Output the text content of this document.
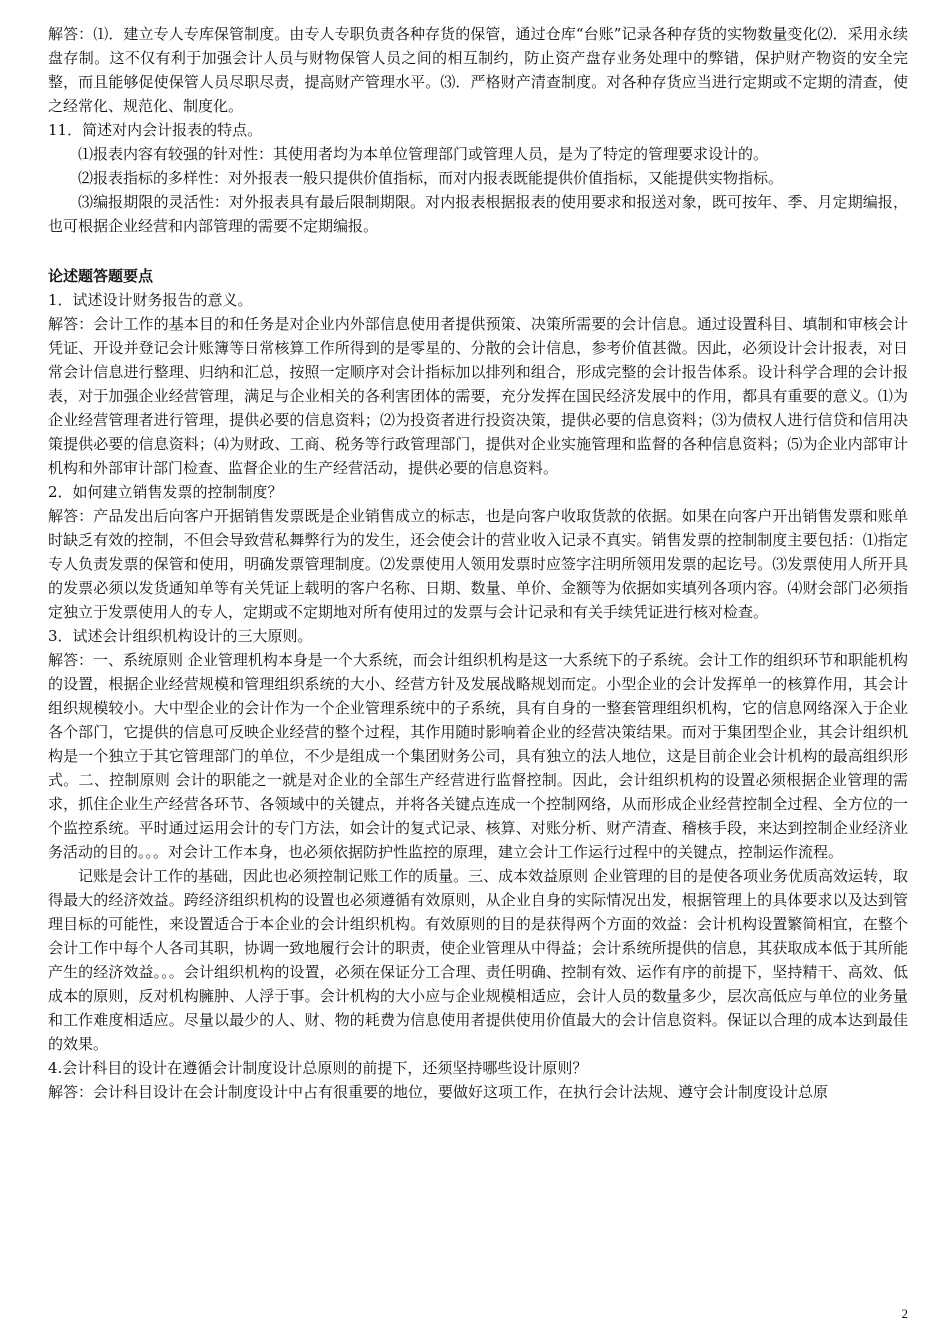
解答：⑴．建立专人专库保管制度。由专人专职负责各种存货的保管，通过仓库“台账”记录各种存货的实物数量变化⑵．采用永续盘存制。这不仅有利于加强会计人员与财物保管人员之间的相互制约，防止资产盘存业务处理中的弊错，保护财产物资的安全完整，而且能够促使保管人员尽职尽责，提高财产管理水平。⑶．严格财产清查制度。对各种存货应当进行定期或不定期的清查，使之经常化、规范化、制度化。

11．简述对内会计报表的特点。

⑴报表内容有较强的针对性：其使用者均为本单位管理部门或管理人员，是为了特定的管理要求设计的。

⑵报表指标的多样性：对外报表一般只提供价值指标，而对内报表既能提供价值指标，又能提供实物指标。

⑶编报期限的灵活性：对外报表具有最后限制期限。对内报表根据报表的使用要求和报送对象，既可按年、季、月定期编报，也可根据企业经营和内部管理的需要不定期编报。

论述题答题要点

1．试述设计财务报告的意义。

解答：会计工作的基本目的和任务是对企业内外部信息使用者提供预策、决策所需要的会计信息。通过设置科目、填制和审核会计凭证、开设并登记会计账簿等日常核算工作所得到的是零星的、分散的会计信息，参考价值甚微。因此，必须设计会计报表，对日常会计信息进行整理、归纳和汇总，按照一定顺序对会计指标加以排列和组合，形成完整的会计报告体系。设计科学合理的会计报表，对于加强企业经营管理，满足与企业相关的各利害团体的需要，充分发挥在国民经济发展中的作用，都具有重要的意义。⑴为企业经营管理者进行管理，提供必要的信息资料；⑵为投资者进行投资决策，提供必要的信息资料；⑶为债权人进行信贷和信用决策提供必要的信息资料；⑷为财政、工商、税务等行政管理部门，提供对企业实施管理和监督的各种信息资料；⑸为企业内部审计机构和外部审计部门检查、监督企业的生产经营活动，提供必要的信息资料。

2．如何建立销售发票的控制制度？

解答：产品发出后向客户开据销售发票既是企业销售成立的标志，也是向客户收取货款的依据。如果在向客户开出销售发票和账单时缺乏有效的控制，不但会导致营私舞弊行为的发生，还会使会计的营业收入记录不真实。销售发票的控制制度主要包括：⑴指定专人负责发票的保管和使用，明确发票管理制度。⑵发票使用人领用发票时应签字注明所领用发票的起讫号。⑶发票使用人所开具的发票必须以发货通知单等有关凭证上载明的客户名称、日期、数量、单价、金额等为依据如实填列各项内容。⑷财会部门必须指定独立于发票使用人的专人，定期或不定期地对所有使用过的发票与会计记录和有关手续凭证进行核对检查。

3．试述会计组织机构设计的三大原则。

解答：一、系统原则 企业管理机构本身是一个大系统，而会计组织机构是这一大系统下的子系统。会计工作的组织环节和职能机构的设置，根据企业经营规模和管理组织系统的大小、经营方针及发展战略规划而定。小型企业的会计发挥单一的核算作用，其会计组织规模较小。大中型企业的会计作为一个企业管理系统中的子系统，具有自身的一整套管理组织机构，它的信息网络深入于企业各个部门，它提供的信息可反映企业经营的整个过程，其作用随时影响着企业的经营决策结果。而对于集团型企业，其会计组织机构是一个独立于其它管理部门的单位，不少是组成一个集团财务公司，具有独立的法人地位，这是目前企业会计机构的最高组织形式。二、控制原则 会计的职能之一就是对企业的全部生产经营进行监督控制。因此，会计组织机构的设置必须根据企业管理的需求，抓住企业生产经营各环节、各领域中的关键点，并将各关键点连成一个控制网络，从而形成企业经营控制全过程、全方位的一个监控系统。平时通过运用会计的专门方法，如会计的复式记录、核算、对账分析、财产清查、稽核手段，来达到控制企业经济业务活动的目的。。。对会计工作本身，也必须依据防护性监控的原理，建立会计工作运行过程中的关键点，控制运作流程。

记账是会计工作的基础，因此也必须控制记账工作的质量。三、成本效益原则 企业管理的目的是使各项业务优质高效运转，取得最大的经济效益。跨经济组织机构的设置也必须遵循有效原则，从企业自身的实际情况出发，根据管理上的具体要求以及达到管理目标的可能性，来设置适合于本企业的会计组织机构。有效原则的目的是获得两个方面的效益：会计机构设置繁简相宜，在整个会计工作中每个人各司其职，协调一致地履行会计的职责，使企业管理从中得益；会计系统所提供的信息，其获取成本低于其所能产生的经济效益。。。会计组织机构的设置，必须在保证分工合理、责任明确、控制有效、运作有序的前提下，坚持精干、高效、低成本的原则，反对机构臃肿、人浮于事。会计机构的大小应与企业规模相适应，会计人员的数量多少，层次高低应与单位的业务量和工作难度相适应。尽量以最少的人、财、物的耗费为信息使用者提供使用价值最大的会计信息资料。保证以合理的成本达到最佳的效果。

4.会计科目的设计在遵循会计制度设计总原则的前提下，还须坚持哪些设计原则？

解答：会计科目设计在会计制度设计中占有很重要的地位，要做好这项工作，在执行会计法规、遵守会计制度设计总原

2
